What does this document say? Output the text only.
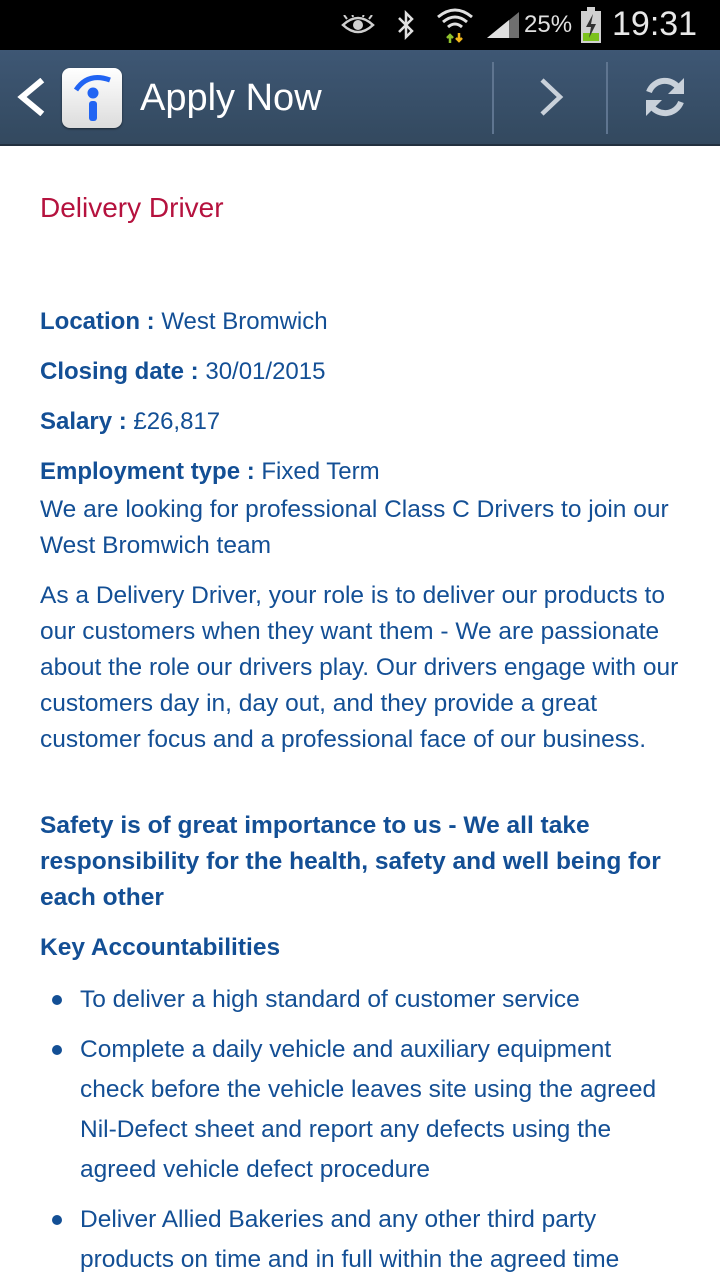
25% 19:31
Apply Now
Delivery Driver
Location : West Bromwich
Closing date : 30/01/2015
Salary : £26,817
Employment type : Fixed Term
We are looking for professional Class C Drivers to join our West Bromwich team
As a Delivery Driver, your role is to deliver our products to our customers when they want them - We are passionate about the role our drivers play. Our drivers engage with our customers day in, day out, and they provide a great customer focus and a professional face of our business.
Safety is of great importance to us - We all take responsibility for the health, safety and well being for each other
Key Accountabilities
To deliver a high standard of customer service
Complete a daily vehicle and auxiliary equipment check before the vehicle leaves site using the agreed Nil-Defect sheet and report any defects using the agreed vehicle defect procedure
Deliver Allied Bakeries and any other third party products on time and in full within the agreed time
